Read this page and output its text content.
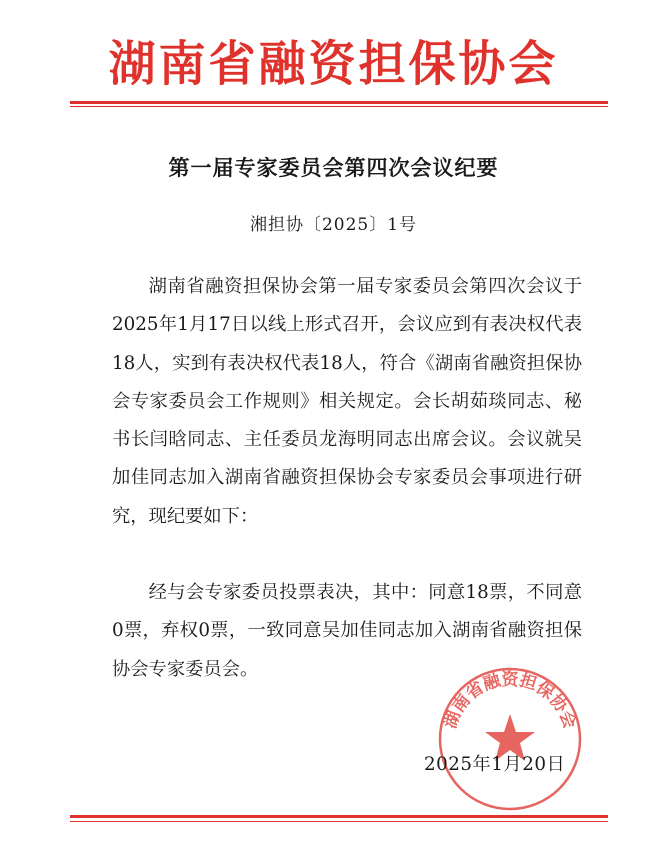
湖南省融资担保协会
第一届专家委员会第四次会议纪要
湘担协〔2025〕1号

湖南省融资担保协会第一届专家委员会第四次会议于2025年1月17日以线上形式召开，会议应到有表决权代表18人，实到有表决权代表18人，符合《湖南省融资担保协会专家委员会工作规则》相关规定。会长胡茹琰同志、秘书长闫晗同志、主任委员龙海明同志出席会议。会议就吴加佳同志加入湖南省融资担保协会专家委员会事项进行研究，现纪要如下：

经与会专家委员投票表决，其中：同意18票，不同意0票，弃权0票，一致同意吴加佳同志加入湖南省融资担保协会专家委员会。

湖南省融资担保协会
2025年1月20日
